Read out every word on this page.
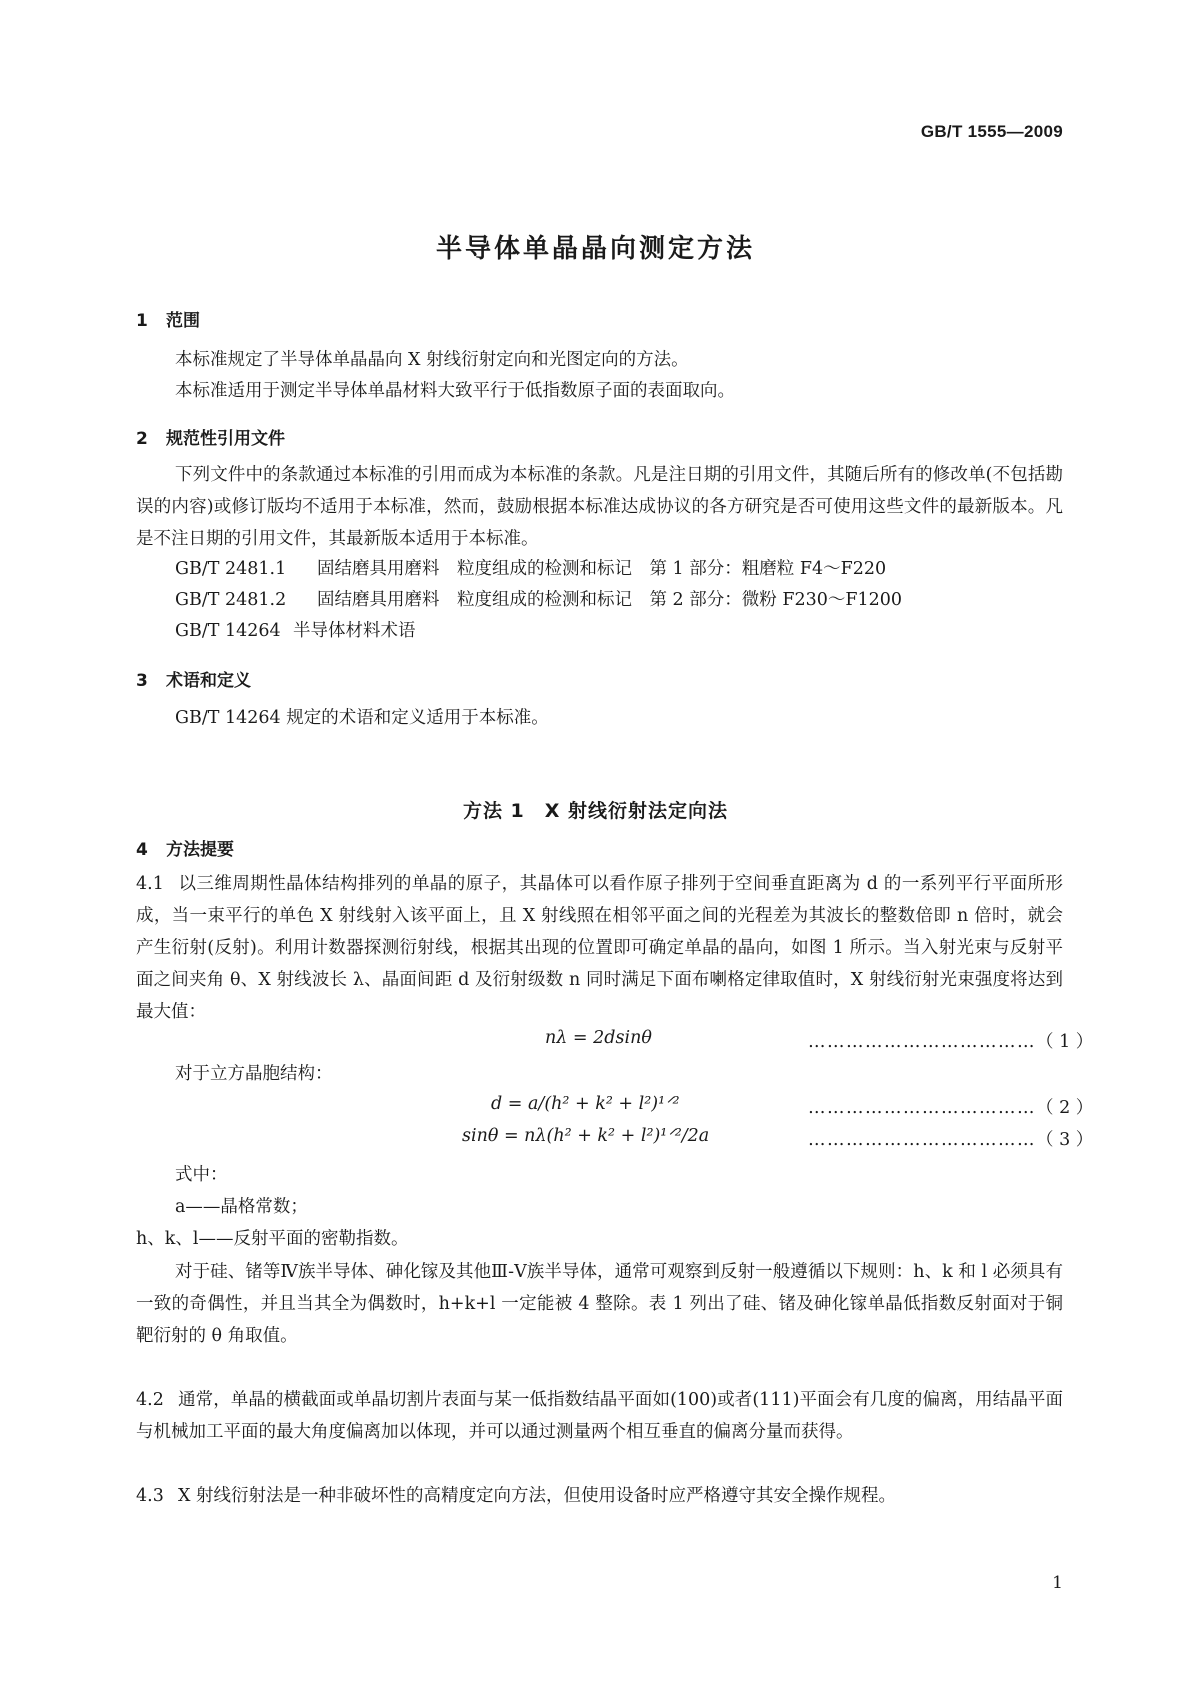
GB/T 1555—2009
半导体单晶晶向测定方法
1 范围
本标准规定了半导体单晶晶向 X 射线衍射定向和光图定向的方法。
本标准适用于测定半导体单晶材料大致平行于低指数原子面的表面取向。
2 规范性引用文件
下列文件中的条款通过本标准的引用而成为本标准的条款。凡是注日期的引用文件，其随后所有的修改单(不包括勘误的内容)或修订版均不适用于本标准，然而，鼓励根据本标准达成协议的各方研究是否可使用这些文件的最新版本。凡是不注日期的引用文件，其最新版本适用于本标准。
GB/T 2481.1 固结磨具用磨料　粒度组成的检测和标记　第 1 部分：粗磨粒 F4～F220
GB/T 2481.2 固结磨具用磨料　粒度组成的检测和标记　第 2 部分：微粉 F230～F1200
GB/T 14264 半导体材料术语
3 术语和定义
GB/T 14264 规定的术语和定义适用于本标准。
方法 1　X 射线衍射法定向法
4 方法提要
4.1 以三维周期性晶体结构排列的单晶的原子，其晶体可以看作原子排列于空间垂直距离为 d 的一系列平行平面所形成，当一束平行的单色 X 射线射入该平面上，且 X 射线照在相邻平面之间的光程差为其波长的整数倍即 n 倍时，就会产生衍射(反射)。利用计数器探测衍射线，根据其出现的位置即可确定单晶的晶向，如图 1 所示。当入射光束与反射平面之间夹角 θ、X 射线波长 λ、晶面间距 d 及衍射级数 n 同时满足下面布喇格定律取值时，X 射线衍射光束强度将达到最大值：
nλ = 2dsinθ	………………………………（ 1 ）
对于立方晶胞结构：
d = a/(h² + k² + l²)¹ᐟ²	………………………………（ 2 ）
sinθ = nλ(h² + k² + l²)¹ᐟ²/2a	………………………………（ 3 ）
式中：
a——晶格常数；
h、k、l——反射平面的密勒指数。
对于硅、锗等Ⅳ族半导体、砷化镓及其他Ⅲ-Ⅴ族半导体，通常可观察到反射一般遵循以下规则：h、k 和 l 必须具有一致的奇偶性，并且当其全为偶数时，h+k+l 一定能被 4 整除。表 1 列出了硅、锗及砷化镓单晶低指数反射面对于铜靶衍射的 θ 角取值。
4.2 通常，单晶的横截面或单晶切割片表面与某一低指数结晶平面如(100)或者(111)平面会有几度的偏离，用结晶平面与机械加工平面的最大角度偏离加以体现，并可以通过测量两个相互垂直的偏离分量而获得。
4.3 X 射线衍射法是一种非破坏性的高精度定向方法，但使用设备时应严格遵守其安全操作规程。
1
